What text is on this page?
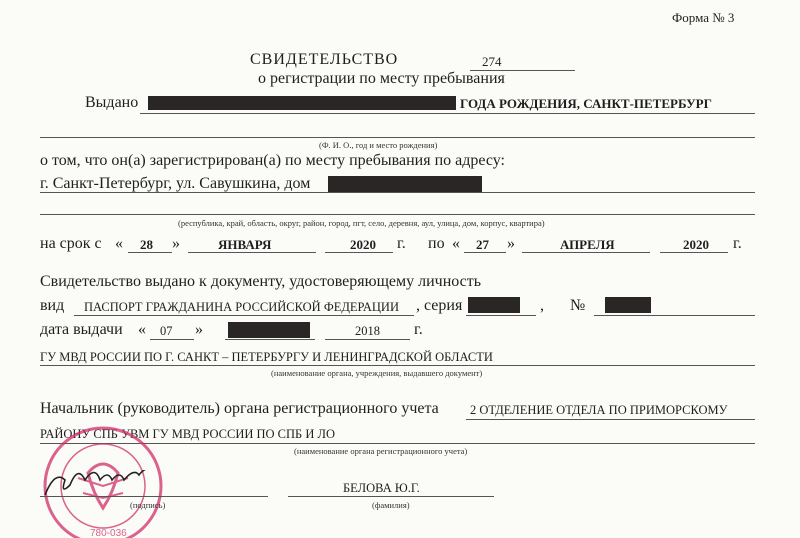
Форма № 3
СВИДЕТЕЛЬСТВО	274
о регистрации по месту пребывания
Выдано	ГОДА РОЖДЕНИЯ, САНКТ-ПЕТЕРБУРГ
(Ф. И. О., год и место рождения)
о том, что он(а) зарегистрирован(а) по месту пребывания по адресу:
г. Санкт-Петербург, ул. Савушкина, дом
(республика, край, область, округ, район, город, пгт, село, деревня, аул, улица, дом, корпус, квартира)
на срок с « 28 »	ЯНВАРЯ	2020 г. по « 27 »	АПРЕЛЯ	2020 г.
Свидетельство выдано к документу, удостоверяющему личность
вид ПАСПОРТ ГРАЖДАНИНА РОССИЙСКОЙ ФЕДЕРАЦИИ , серия	, №
дата выдачи « 07 »	2018 г.
ГУ МВД РОССИИ ПО Г. САНКТ – ПЕТЕРБУРГУ И ЛЕНИНГРАДСКОЙ ОБЛАСТИ
(наименование органа, учреждения, выдавшего документ)
Начальник (руководитель) органа регистрационного учета	2 ОТДЕЛЕНИЕ ОТДЕЛА ПО ПРИМОРСКОМУ
РАЙОНУ СПБ УВМ ГУ МВД РОССИИ ПО СПБ И ЛО
(наименование органа регистрационного учета)
780-036
(подпись)
БЕЛОВА Ю.Г.
(фамилия)
